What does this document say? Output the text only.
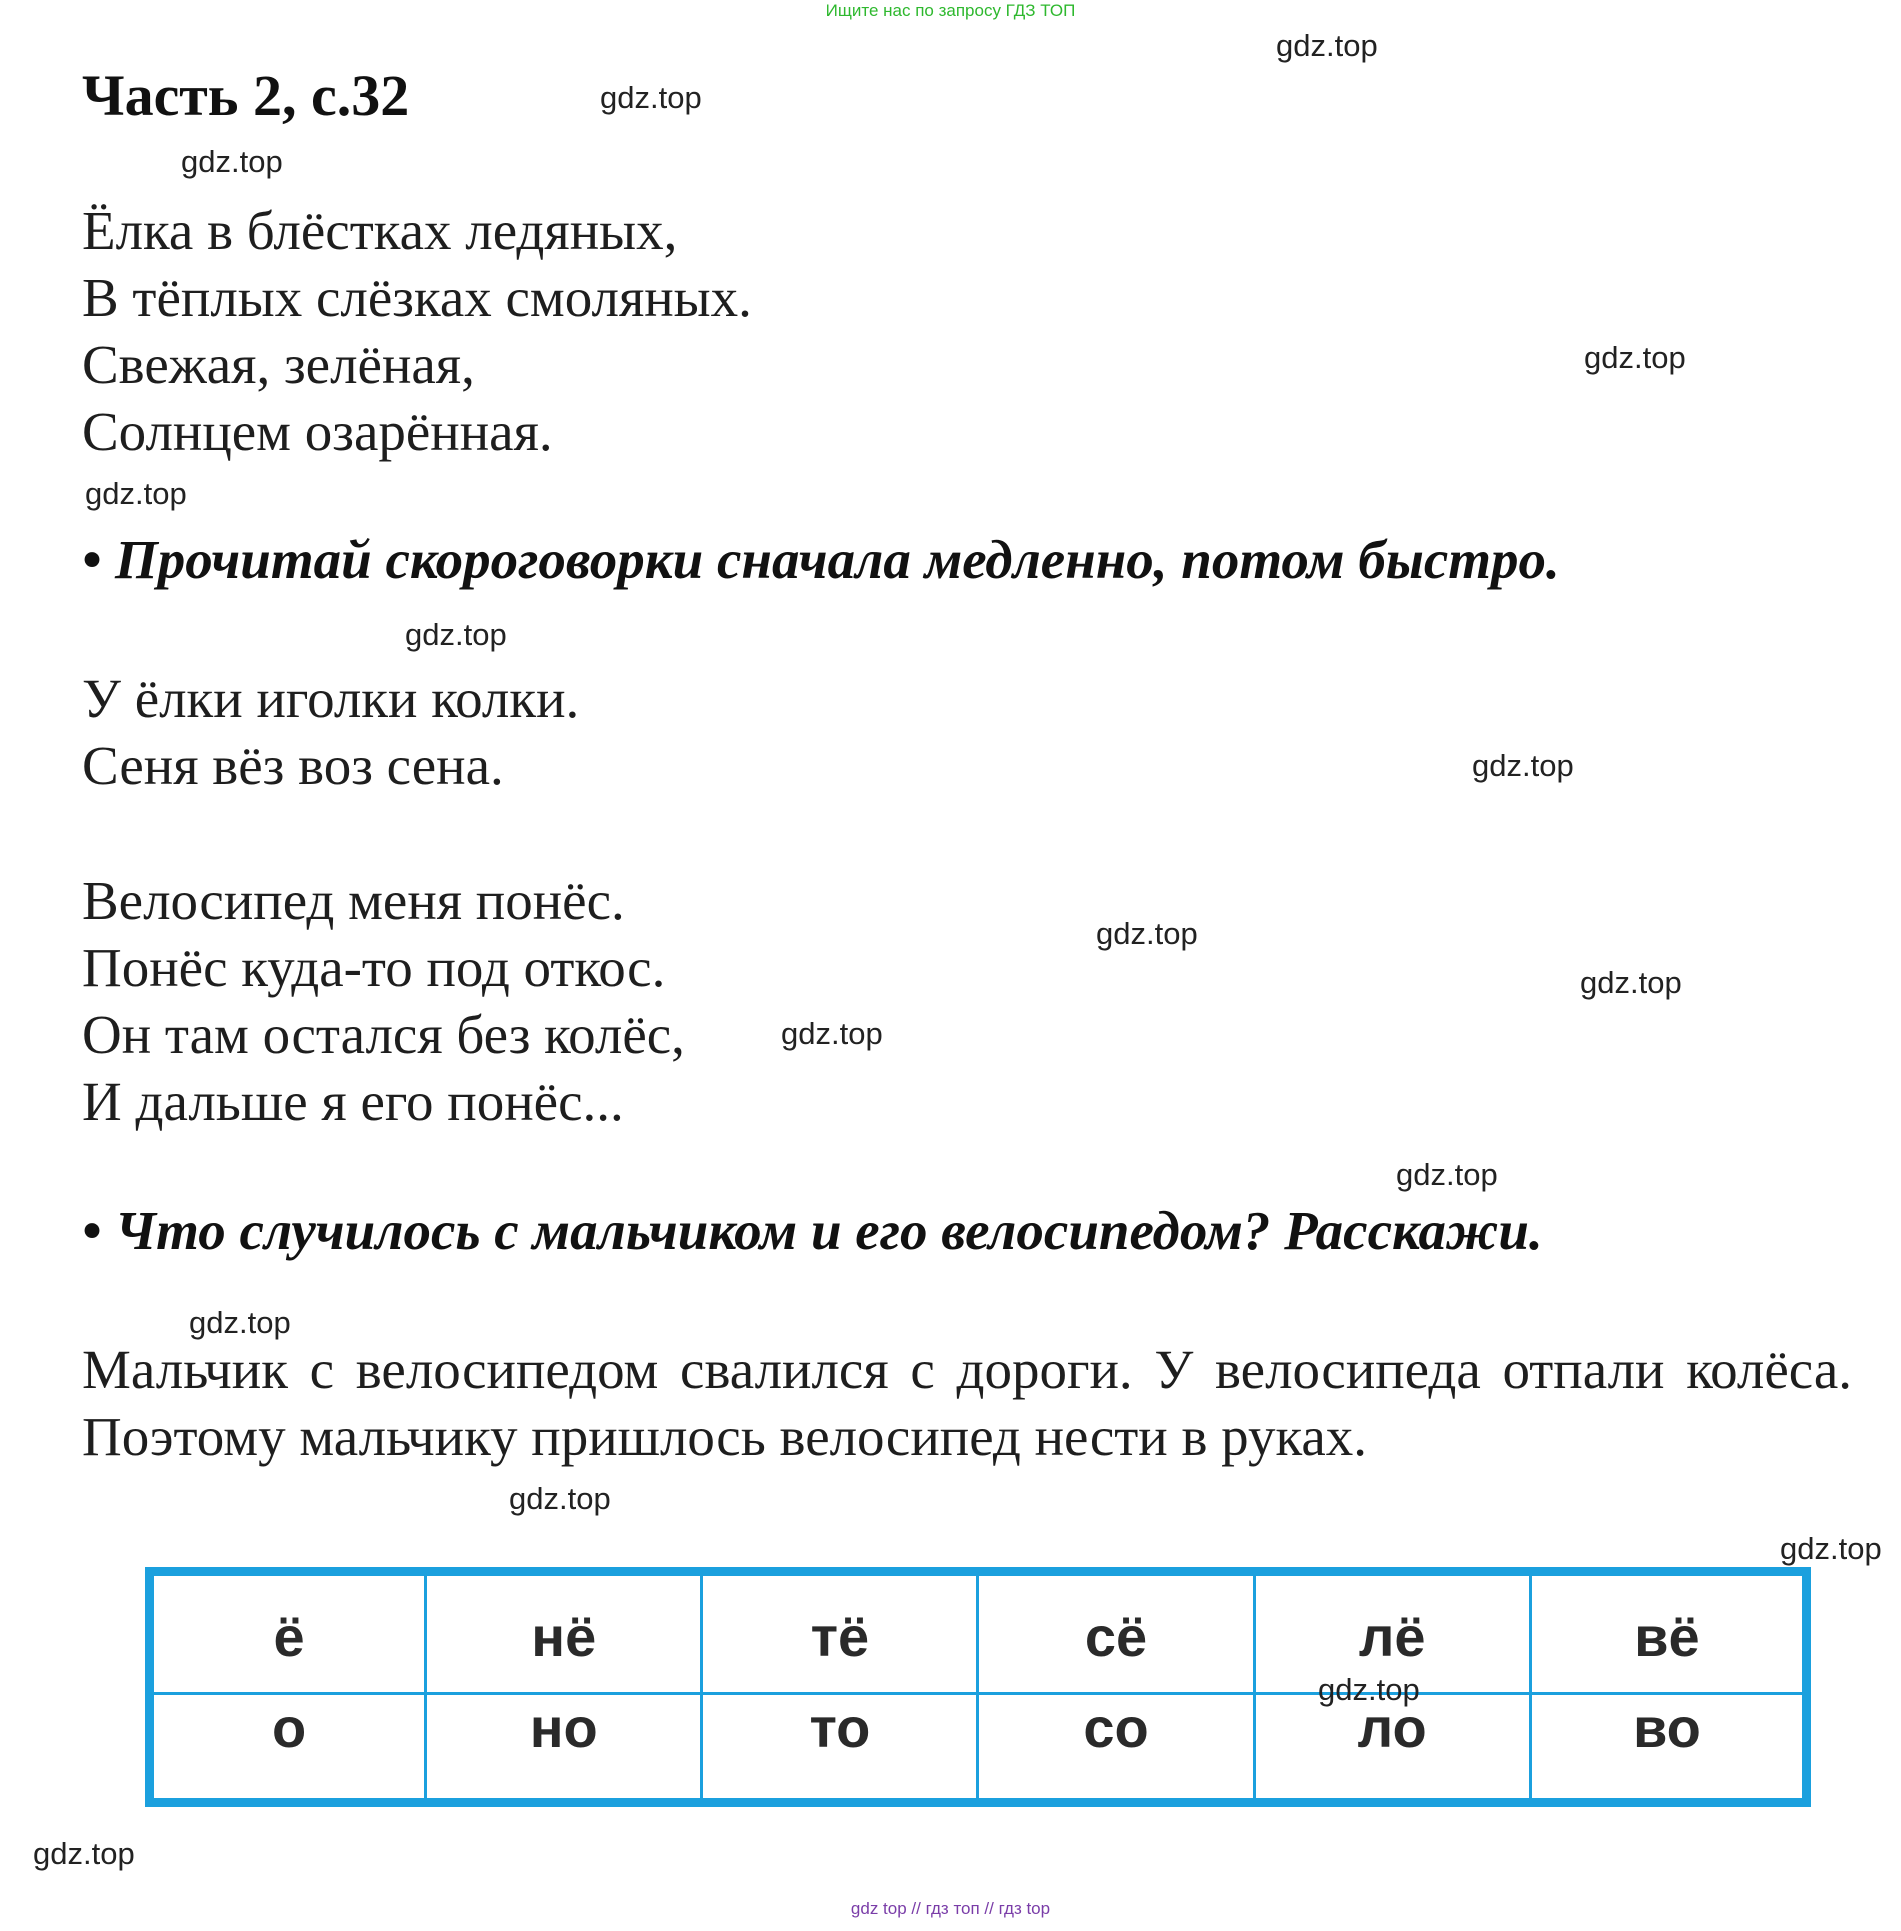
Ищите нас по запросу ГДЗ ТОП
Часть 2, с.32
Ёлка в блёстках ледяных,
В тёплых слёзках смоляных.
Свежая, зелёная,
Солнцем озарённая.
• Прочитай скороговорки сначала медленно, потом быстро.
У ёлки иголки колки.
Сеня вёз воз сена.
Велосипед меня понёс.
Понёс куда-то под откос.
Он там остался без колёс,
И дальше я его понёс...
• Что случилось с мальчиком и его велосипедом? Расскажи.
Мальчик с велосипедом свалился с дороги. У велосипеда отпали колёса. Поэтому мальчику пришлось велосипед нести в руках.
ё	нё	тё	сё	лё	вё
о	но	то	со	ло	во
gdz.top
gdz.top
gdz.top
gdz.top
gdz.top
gdz.top
gdz.top
gdz.top
gdz.top
gdz.top
gdz.top
gdz.top
gdz.top
gdz.top
gdz.top
gdz.top
gdz top // гдз топ // гдз top
